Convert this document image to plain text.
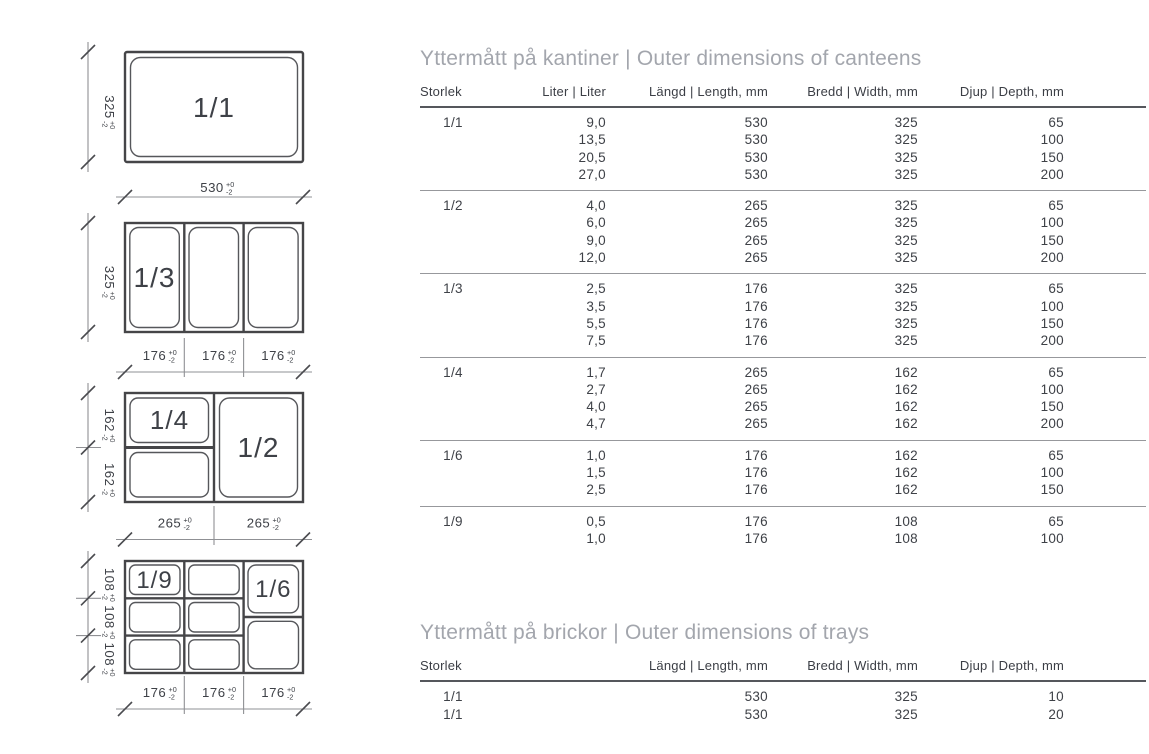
1/1
325
+0
-2
530 +0
-2
1/3
325
+0
-2
176 +0
-2 176 +0
-2 176 +0
-2
1/4
1/2
162
+0
-2
162
+0
-2
265 +0
-2	265 +0
-2
1/9	1/6
108
+0
-2
108
+0
-2
108
+0
-2
176 +0
-2 176 +0
-2 176 +0
-2
Yttermått på kantiner | Outer dimensions of canteens
Storlek	Liter | Liter	Längd | Length, mm	Bredd | Width, mm	Djup | Depth, mm	
1/1	9,0	530	325	65	
	13,5	530	325	100	
	20,5	530	325	150	
	27,0	530	325	200	
1/2	4,0	265	325	65	
	6,0	265	325	100	
	9,0	265	325	150	
	12,0	265	325	200	
1/3	2,5	176	325	65	
	3,5	176	325	100	
	5,5	176	325	150	
	7,5	176	325	200	
1/4	1,7	265	162	65	
	2,7	265	162	100	
	4,0	265	162	150	
	4,7	265	162	200	
1/6	1,0	176	162	65	
	1,5	176	162	100	
	2,5	176	162	150	
1/9	0,5	176	108	65	
	1,0	176	108	100	
Yttermått på brickor | Outer dimensions of trays
Storlek	Längd | Length, mm	Bredd | Width, mm	Djup | Depth, mm	
1/1	530	325	10	
1/1	530	325	20	
